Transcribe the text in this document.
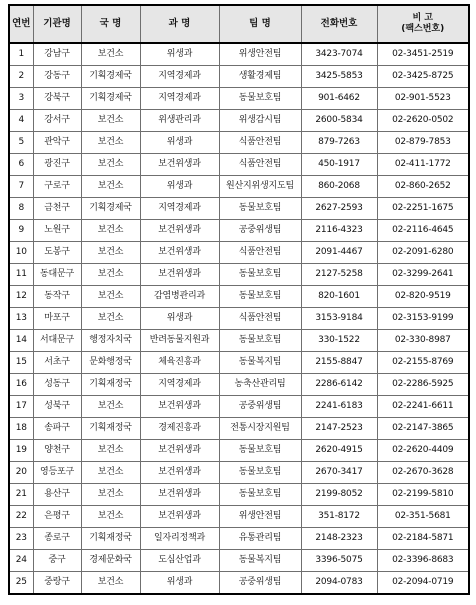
연번	기관명	국 명	과 명	팀 명	전화번호	비 고
(팩스번호)
1	강남구	보건소	위생과	위생안전팀	3423-7074	02-3451-2519
2	강동구	기획경제국	지역경제과	생활경제팀	3425-5853	02-3425-8725
3	강북구	기획경제국	지역경제과	동물보호팀	901-6462	02-901-5523
4	강서구	보건소	위생관리과	위생감시팀	2600-5834	02-2620-0502
5	관악구	보건소	위생과	식품안전팀	879-7263	02-879-7853
6	광진구	보건소	보건위생과	식품안전팀	450-1917	02-411-1772
7	구로구	보건소	위생과	원산지위생지도팀	860-2068	02-860-2652
8	금천구	기획경제국	지역경제과	동물보호팀	2627-2593	02-2251-1675
9	노원구	보건소	보건위생과	공중위생팀	2116-4323	02-2116-4645
10	도봉구	보건소	보건위생과	식품안전팀	2091-4467	02-2091-6280
11	동대문구	보건소	보건위생과	동물보호팀	2127-5258	02-3299-2641
12	동작구	보건소	감염병관리과	동물보호팀	820-1601	02-820-9519
13	마포구	보건소	위생과	식품안전팀	3153-9184	02-3153-9199
14	서대문구	행정자치국	반려동물지원과	동물보호팀	330-1522	02-330-8987
15	서초구	문화행정국	체육진흥과	동물복지팀	2155-8847	02-2155-8769
16	성동구	기획재정국	지역경제과	농축산관리팀	2286-6142	02-2286-5925
17	성북구	보건소	보건위생과	공중위생팀	2241-6183	02-2241-6611
18	송파구	기획재정국	경제진흥과	전통시장지원팀	2147-2523	02-2147-3865
19	양천구	보건소	보건위생과	동물보호팀	2620-4915	02-2620-4409
20	영등포구	보건소	보건위생과	동물보호팀	2670-3417	02-2670-3628
21	용산구	보건소	보건위생과	동물보호팀	2199-8052	02-2199-5810
22	은평구	보건소	보건위생과	위생안전팀	351-8172	02-351-5681
23	종로구	기획재정국	일자리정책과	유통관리팀	2148-2323	02-2184-5871
24	중구	경제문화국	도심산업과	동물복지팀	3396-5075	02-3396-8683
25	중랑구	보건소	위생과	공중위생팀	2094-0783	02-2094-0719
